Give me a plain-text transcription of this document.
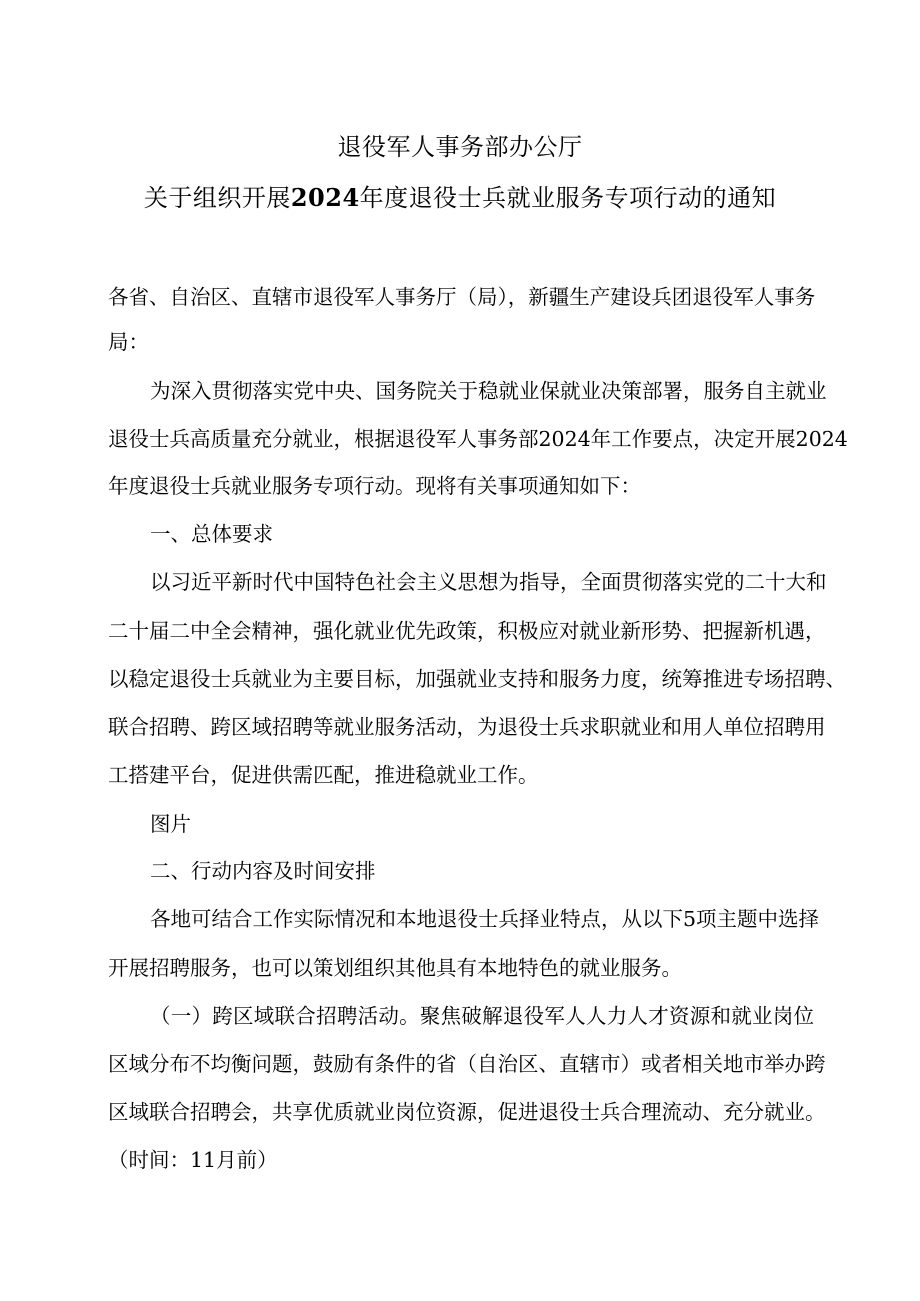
退役军人事务部办公厅
关于组织开展2024年度退役士兵就业服务专项行动的通知
各省、自治区、直辖市退役军人事务厅（局），新疆生产建设兵团退役军人事务
局：
为深入贯彻落实党中央、国务院关于稳就业保就业决策部署，服务自主就业
退役士兵高质量充分就业，根据退役军人事务部2024年工作要点，决定开展2024
年度退役士兵就业服务专项行动。现将有关事项通知如下：
一、总体要求
以习近平新时代中国特色社会主义思想为指导，全面贯彻落实党的二十大和
二十届二中全会精神，强化就业优先政策，积极应对就业新形势、把握新机遇，
以稳定退役士兵就业为主要目标，加强就业支持和服务力度，统筹推进专场招聘、
联合招聘、跨区域招聘等就业服务活动，为退役士兵求职就业和用人单位招聘用
工搭建平台，促进供需匹配，推进稳就业工作。
图片
二、行动内容及时间安排
各地可结合工作实际情况和本地退役士兵择业特点，从以下5项主题中选择
开展招聘服务，也可以策划组织其他具有本地特色的就业服务。
（一）跨区域联合招聘活动。聚焦破解退役军人人力人才资源和就业岗位
区域分布不均衡问题，鼓励有条件的省（自治区、直辖市）或者相关地市举办跨
区域联合招聘会，共享优质就业岗位资源，促进退役士兵合理流动、充分就业。
（时间：11月前）
